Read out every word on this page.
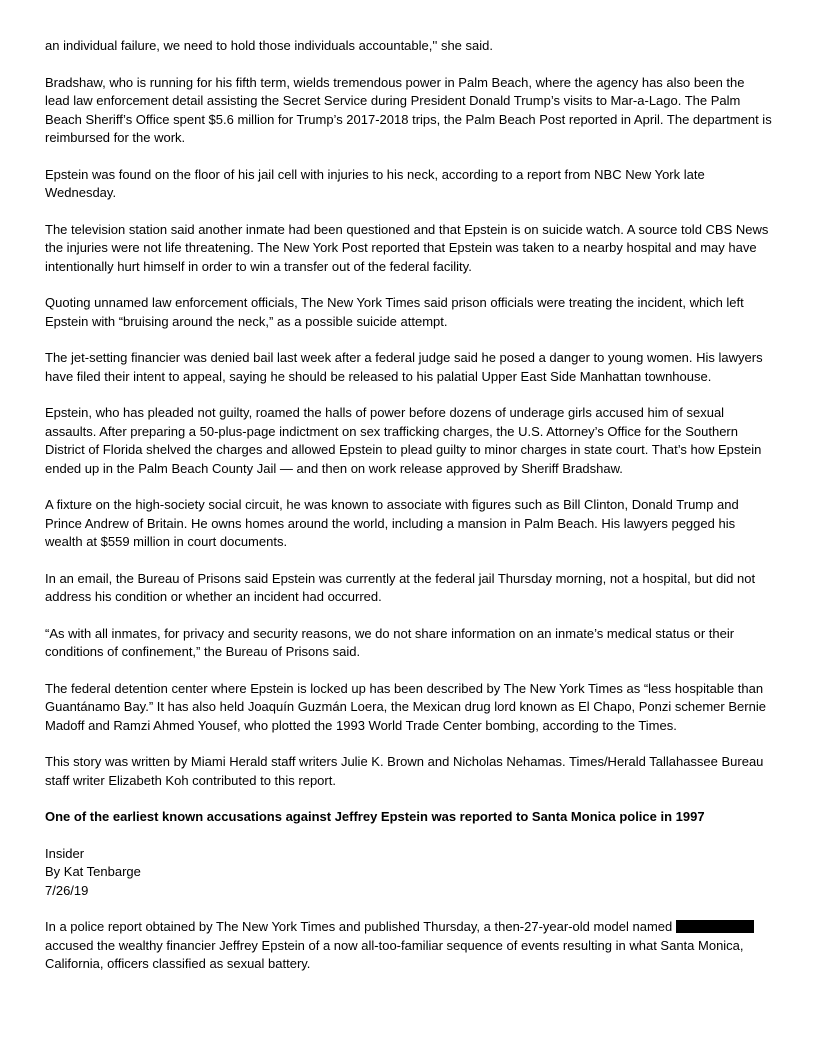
an individual failure, we need to hold those individuals accountable,'' she said.

Bradshaw, who is running for his fifth term, wields tremendous power in Palm Beach, where the agency has also been the lead law enforcement detail assisting the Secret Service during President Donald Trump’s visits to Mar-a-Lago. The Palm Beach Sheriff’s Office spent $5.6 million for Trump’s 2017-2018 trips, the Palm Beach Post reported in April. The department is reimbursed for the work.

Epstein was found on the floor of his jail cell with injuries to his neck, according to a report from NBC New York late Wednesday.

The television station said another inmate had been questioned and that Epstein is on suicide watch. A source told CBS News the injuries were not life threatening. The New York Post reported that Epstein was taken to a nearby hospital and may have intentionally hurt himself in order to win a transfer out of the federal facility.

Quoting unnamed law enforcement officials, The New York Times said prison officials were treating the incident, which left Epstein with “bruising around the neck,” as a possible suicide attempt.

The jet-setting financier was denied bail last week after a federal judge said he posed a danger to young women. His lawyers have filed their intent to appeal, saying he should be released to his palatial Upper East Side Manhattan townhouse.

Epstein, who has pleaded not guilty, roamed the halls of power before dozens of underage girls accused him of sexual assaults. After preparing a 50-plus-page indictment on sex trafficking charges, the U.S. Attorney’s Office for the Southern District of Florida shelved the charges and allowed Epstein to plead guilty to minor charges in state court. That’s how Epstein ended up in the Palm Beach County Jail — and then on work release approved by Sheriff Bradshaw.

A fixture on the high-society social circuit, he was known to associate with figures such as Bill Clinton, Donald Trump and Prince Andrew of Britain. He owns homes around the world, including a mansion in Palm Beach. His lawyers pegged his wealth at $559 million in court documents.

In an email, the Bureau of Prisons said Epstein was currently at the federal jail Thursday morning, not a hospital, but did not address his condition or whether an incident had occurred.

“As with all inmates, for privacy and security reasons, we do not share information on an inmate’s medical status or their conditions of confinement,” the Bureau of Prisons said.

The federal detention center where Epstein is locked up has been described by The New York Times as “less hospitable than Guantánamo Bay.” It has also held Joaquín Guzmán Loera, the Mexican drug lord known as El Chapo, Ponzi schemer Bernie Madoff and Ramzi Ahmed Yousef, who plotted the 1993 World Trade Center bombing, according to the Times.

This story was written by Miami Herald staff writers Julie K. Brown and Nicholas Nehamas. Times/Herald Tallahassee Bureau staff writer Elizabeth Koh contributed to this report.

One of the earliest known accusations against Jeffrey Epstein was reported to Santa Monica police in 1997

Insider
By Kat Tenbarge
7/26/19

In a police report obtained by The New York Times and published Thursday, a then-27-year-old model named  accused the wealthy financier Jeffrey Epstein of a now all-too-familiar sequence of events resulting in what Santa Monica, California, officers classified as sexual battery.
